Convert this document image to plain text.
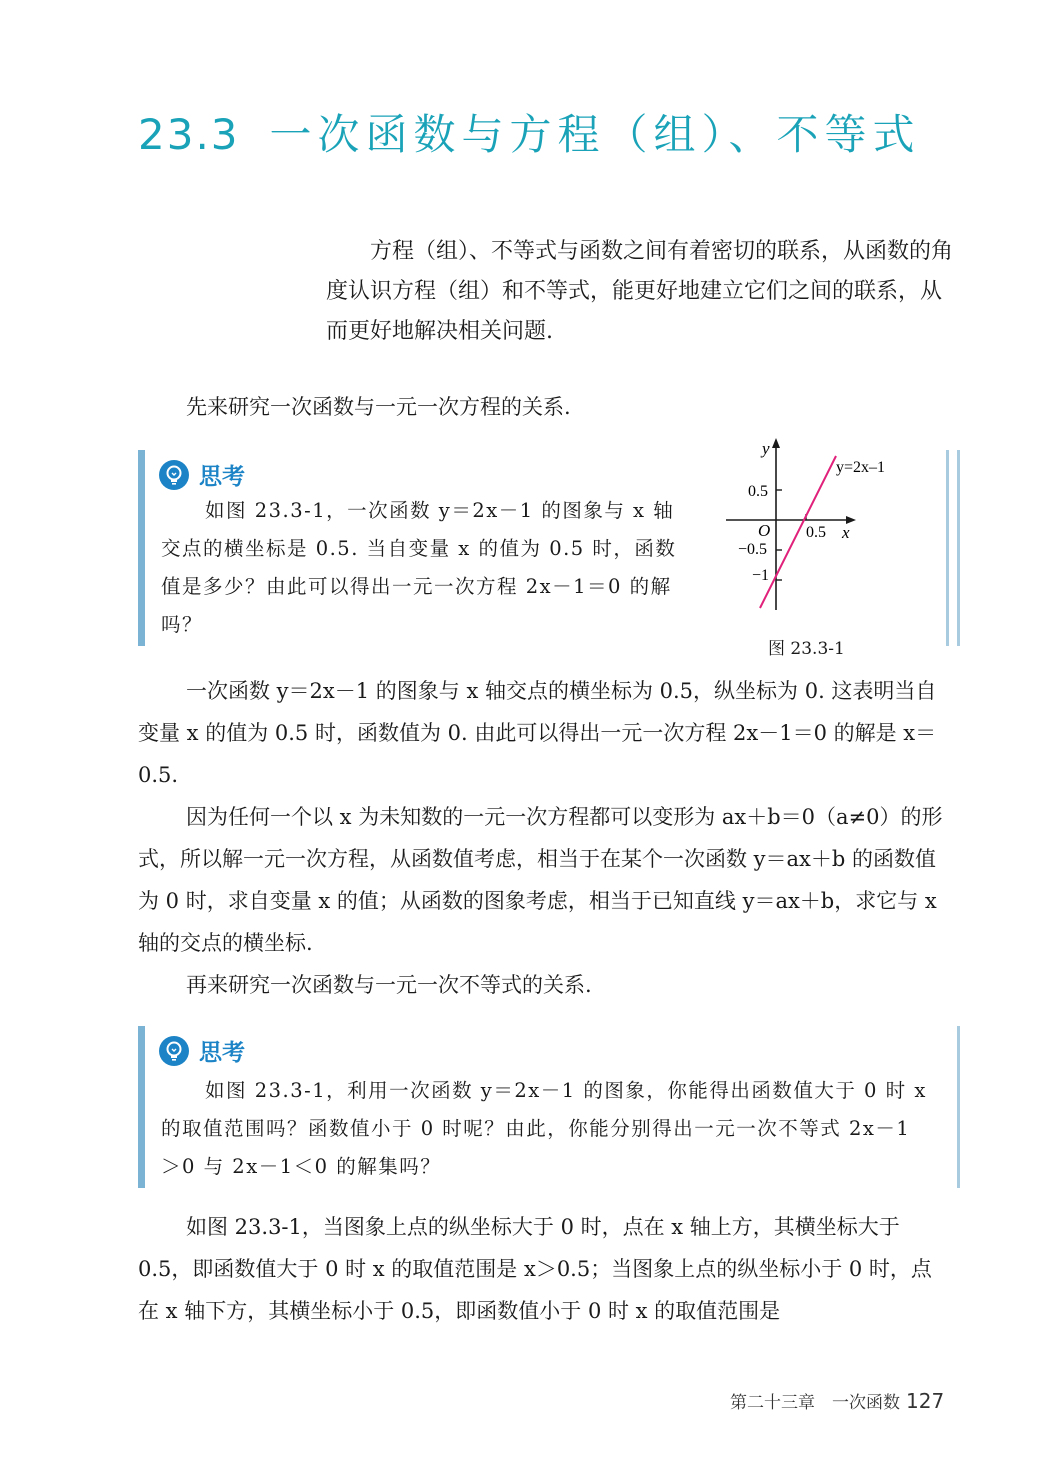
23.3 一次函数与方程（组）、不等式

方程（组）、不等式与函数之间有着密切的联系，从函数的角度认识方程（组）和不等式，能更好地建立它们之间的联系，从而更好地解决相关问题.

先来研究一次函数与一元一次方程的关系.

思考

如图 23.3-1，一次函数 y＝2x－1 的图象与 x 轴交点的横坐标是 0.5. 当自变量 x 的值为 0.5 时，函数值是多少？由此可以得出一元一次方程 2x－1＝0 的解吗？

y
x
O
0.5
0.5
−0.5
−1
y=2x–1
图 23.3-1

一次函数 y＝2x－1 的图象与 x 轴交点的横坐标为 0.5，纵坐标为 0. 这表明当自变量 x 的值为 0.5 时，函数值为 0. 由此可以得出一元一次方程 2x－1＝0 的解是 x＝0.5.

因为任何一个以 x 为未知数的一元一次方程都可以变形为 ax＋b＝0（a≠0）的形式，所以解一元一次方程，从函数值考虑，相当于在某个一次函数 y＝ax＋b 的函数值为 0 时，求自变量 x 的值；从函数的图象考虑，相当于已知直线 y＝ax＋b，求它与 x 轴的交点的横坐标.

再来研究一次函数与一元一次不等式的关系.

思考

如图 23.3-1，利用一次函数 y＝2x－1 的图象，你能得出函数值大于 0 时 x 的取值范围吗？函数值小于 0 时呢？由此，你能分别得出一元一次不等式 2x－1＞0 与 2x－1＜0 的解集吗？

如图 23.3-1，当图象上点的纵坐标大于 0 时，点在 x 轴上方，其横坐标大于 0.5，即函数值大于 0 时 x 的取值范围是 x＞0.5；当图象上点的纵坐标小于 0 时，点在 x 轴下方，其横坐标小于 0.5，即函数值小于 0 时 x 的取值范围是

第二十三章　一次函数 127
